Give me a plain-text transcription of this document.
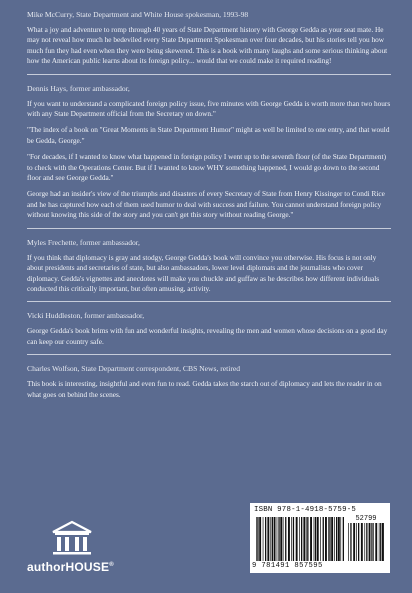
Mike McCurry, State Department and White House spokesman, 1993-98

What a joy and adventure to romp through 40 years of State Department history with George Gedda as your seat mate. He may not reveal how much he bedeviled every State Department Spokesman over four decades, but his stories tell you how much fun they had even when they were being skewered. This is a book with many laughs and some serious thinking about how the American public learns about its foreign policy... would that we could make it required reading!

Dennis Hays, former ambassador,

If you want to understand a complicated foreign policy issue, five minutes with George Gedda is worth more than two hours with any State Department official from the Secretary on down."

"The index of a book on "Great Moments in State Department Humor" might as well be limited to one entry, and that would be Gedda, George."

"For decades, if I wanted to know what happened in foreign policy I went up to the seventh floor (of the State Department) to check with the Operations Center. But if I wanted to know WHY something happened, I would go down to the second floor and see George Gedda."

George had an insider's view of the triumphs and disasters of every Secretary of State from Henry Kissinger to Condi Rice and he has captured how each of them used humor to deal with success and failure. You cannot understand foreign policy without knowing this side of the story and you can't get this story without reading George."

Myles Frechette, former ambassador,

If you think that diplomacy is gray and stodgy, George Gedda's book will convince you otherwise. His focus is not only about presidents and secretaries of state, but also ambassadors, lower level diplomats and the journalists who cover diplomacy. Gedda's vignettes and anecdotes will make you chuckle and guffaw as he describes how different individuals conducted this critically important, but often amusing, activity.

Vicki Huddleston, former ambassador,

George Gedda's book brims with fun and wonderful insights, revealing the men and women whose decisions on a good day can keep our country safe.

Charles Wolfson, State Department correspondent, CBS News, retired

This book is interesting, insightful and even fun to read. Gedda takes the starch out of diplomacy and lets the reader in on what goes on behind the scenes.

authorHOUSE®
ISBN 978-1-4918-5759-5
52799
9 781491 857595
